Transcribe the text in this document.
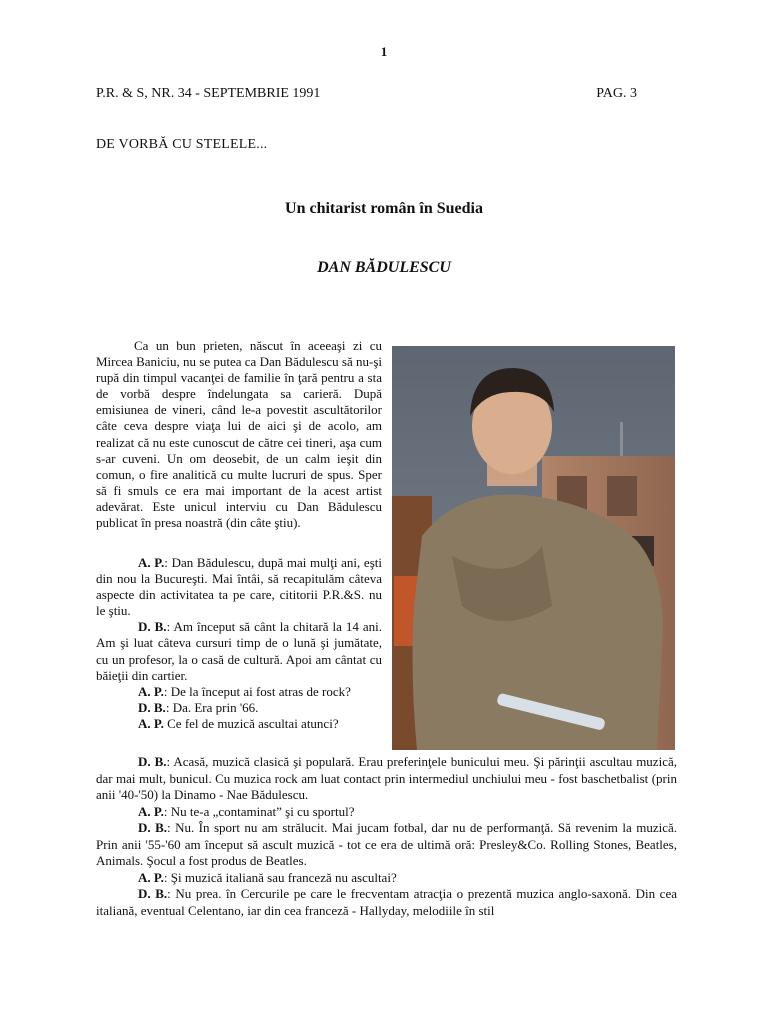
1
P.R. & S, NR. 34 - SEPTEMBRIE 1991	PAG. 3
DE VORBĂ CU STELELE...
Un chitarist român în Suedia
DAN BĂDULESCU

Ca un bun prieten, născut în aceeaşi zi cu Mircea Baniciu, nu se putea ca Dan Bădulescu să nu-şi rupă din timpul vacanţei de familie în ţară pentru a sta de vorbă despre îndelungata sa carieră. După emisiunea de vineri, când le-a povestit ascultătorilor câte ceva despre viaţa lui de aici şi de acolo, am realizat că nu este cunoscut de către cei tineri, aşa cum s-ar cuveni. Un om deosebit, de un calm ieşit din comun, o fire analitică cu multe lucruri de spus. Sper să fi smuls ce era mai important de la acest artist adevărat. Este unicul interviu cu Dan Bădulescu publicat în presa noastră (din câte ştiu).

A. P.: Dan Bădulescu, după mai mulţi ani, eşti din nou la Bucureşti. Mai întâi, să recapitulăm câteva aspecte din activitatea ta pe care, cititorii P.R.&S. nu le ştiu.

D. B.: Am început să cânt la chitară la 14 ani. Am şi luat câteva cursuri timp de o lună şi jumătate, cu un profesor, la o casă de cultură. Apoi am cântat cu băieţii din cartier.

A. P.: De la început ai fost atras de rock?

D. B.: Da. Era prin '66.

A. P. Ce fel de muzică ascultai atunci?

D. B.: Acasă, muzică clasică şi populară. Erau preferinţele bunicului meu. Şi părinţii ascultau muzică, dar mai mult, bunicul. Cu muzica rock am luat contact prin intermediul unchiului meu - fost baschetbalist (prin anii '40-'50) la Dinamo - Nae Bădulescu.

A. P.: Nu te-a „contaminat” şi cu sportul?

D. B.: Nu. În sport nu am strălucit. Mai jucam fotbal, dar nu de performanţă. Să revenim la muzică. Prin anii '55-'60 am început să ascult muzică - tot ce era de ultimă oră: Presley&Co. Rolling Stones, Beatles, Animals. Şocul a fost produs de Beatles.

A. P.: Şi muzică italiană sau franceză nu ascultai?

D. B.: Nu prea. în Cercurile pe care le frecventam atracţia o prezentă muzica anglo-saxonă. Din cea italiană, eventual Celentano, iar din cea franceză - Hallyday, melodiile în stil
